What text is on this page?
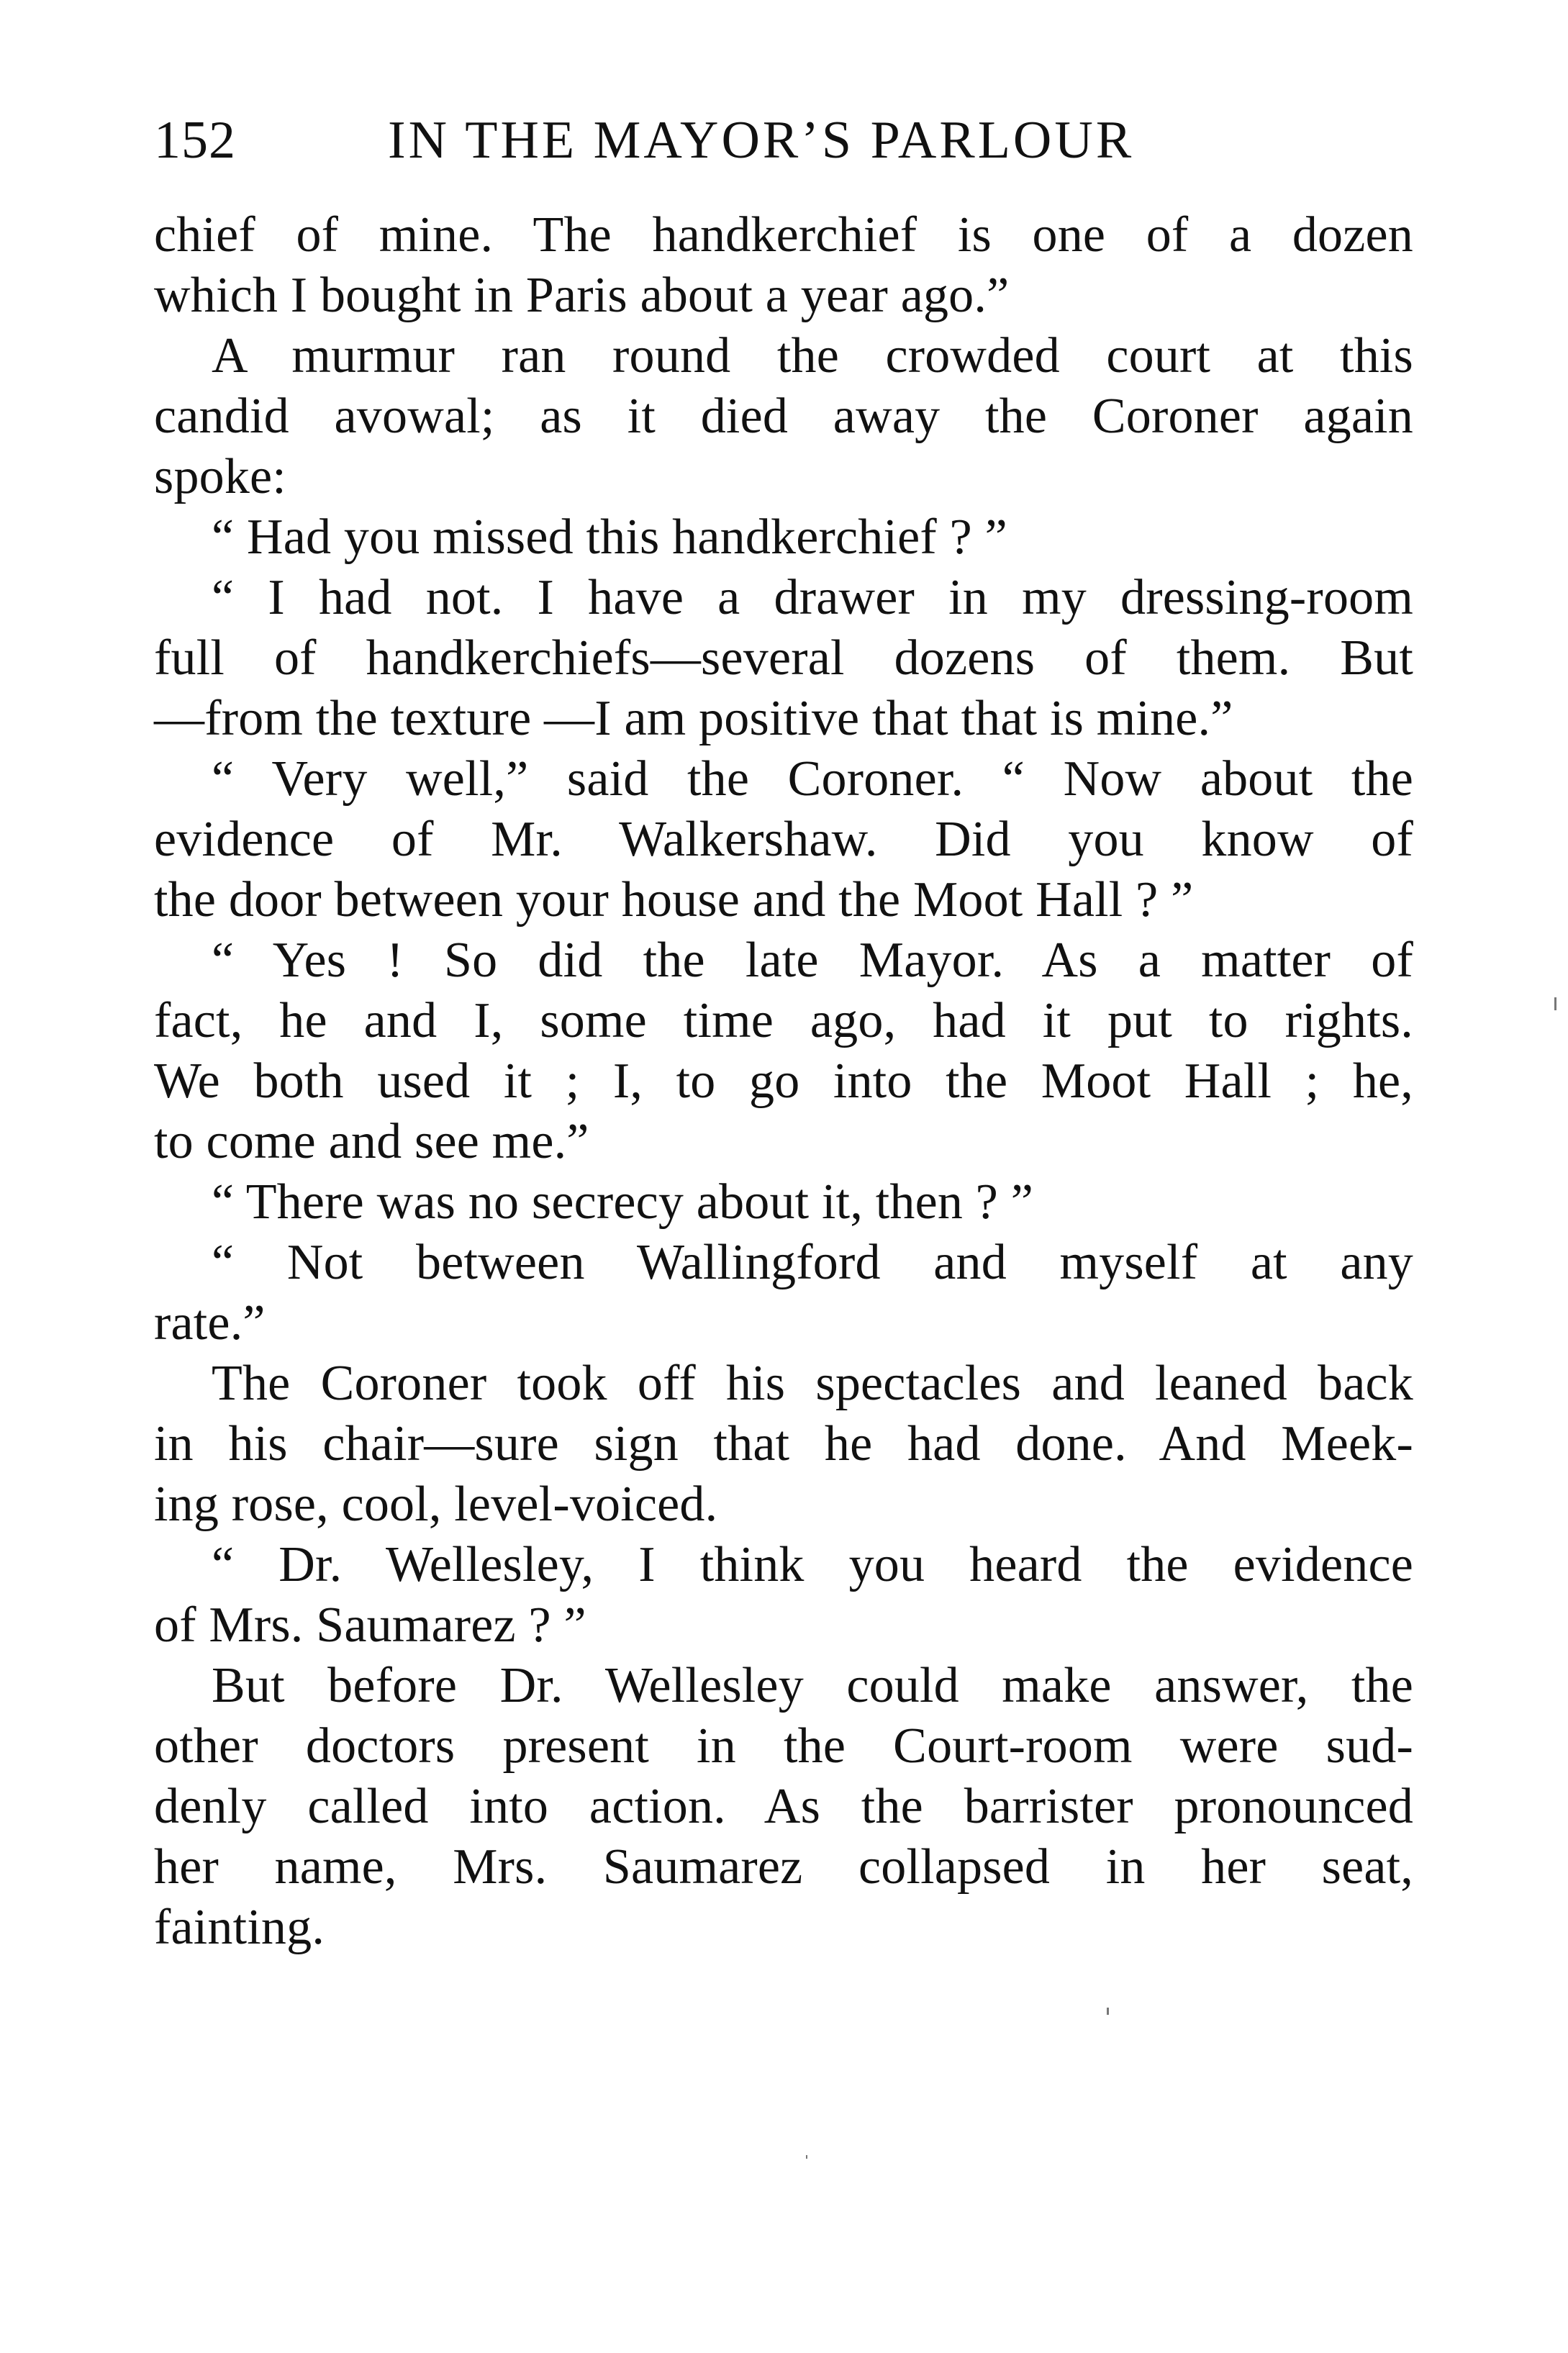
152	IN THE MAYOR’S PARLOUR
chief of mine. The handkerchief is one of a dozen
which I bought in Paris about a year ago.”
A murmur ran round the crowded court at this
candid avowal; as it died away the Coroner again
spoke:
“ Had you missed this handkerchief ? ”
“ I had not. I have a drawer in my dressing-room
full of handkerchiefs—several dozens of them. But
—from the texture —I am positive that that is mine.”
“ Very well,” said the Coroner. “ Now about the
evidence of Mr. Walkershaw. Did you know of
the door between your house and the Moot Hall ? ”
“ Yes ! So did the late Mayor. As a matter of
fact, he and I, some time ago, had it put to rights.
We both used it ; I, to go into the Moot Hall ; he,
to come and see me.”
“ There was no secrecy about it, then ? ”
“ Not between Wallingford and myself at any
rate.”
The Coroner took off his spectacles and leaned back
in his chair—sure sign that he had done. And Meek-
ing rose, cool, level-voiced.
“ Dr. Wellesley, I think you heard the evidence
of Mrs. Saumarez ? ”
But before Dr. Wellesley could make answer, the
other doctors present in the Court-room were sud-
denly called into action. As the barrister pronounced
her name, Mrs. Saumarez collapsed in her seat,
fainting.
